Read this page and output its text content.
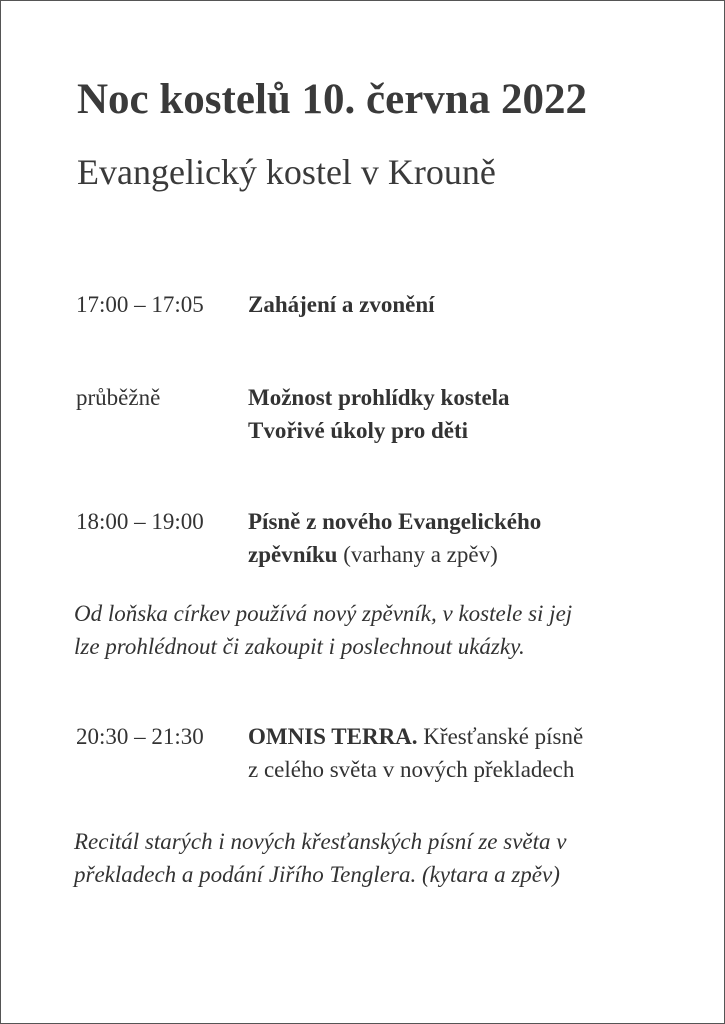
Noc kostelů 10. června 2022
Evangelický kostel v Krouně
17:00 – 17:05	Zahájení a zvonění
průběžně	Možnost prohlídky kostela
Tvořivé úkoly pro děti
18:00 – 19:00	Písně z nového Evangelického
zpěvníku (varhany a zpěv)
Od loňska církev používá nový zpěvník, v kostele si jej
lze prohlédnout či zakoupit i poslechnout ukázky.
20:30 – 21:30	OMNIS TERRA. Křesťanské písně
z celého světa v nových překladech
Recitál starých i nových křesťanských písní ze světa v
překladech a podání Jiřího Tenglera. (kytara a zpěv)
